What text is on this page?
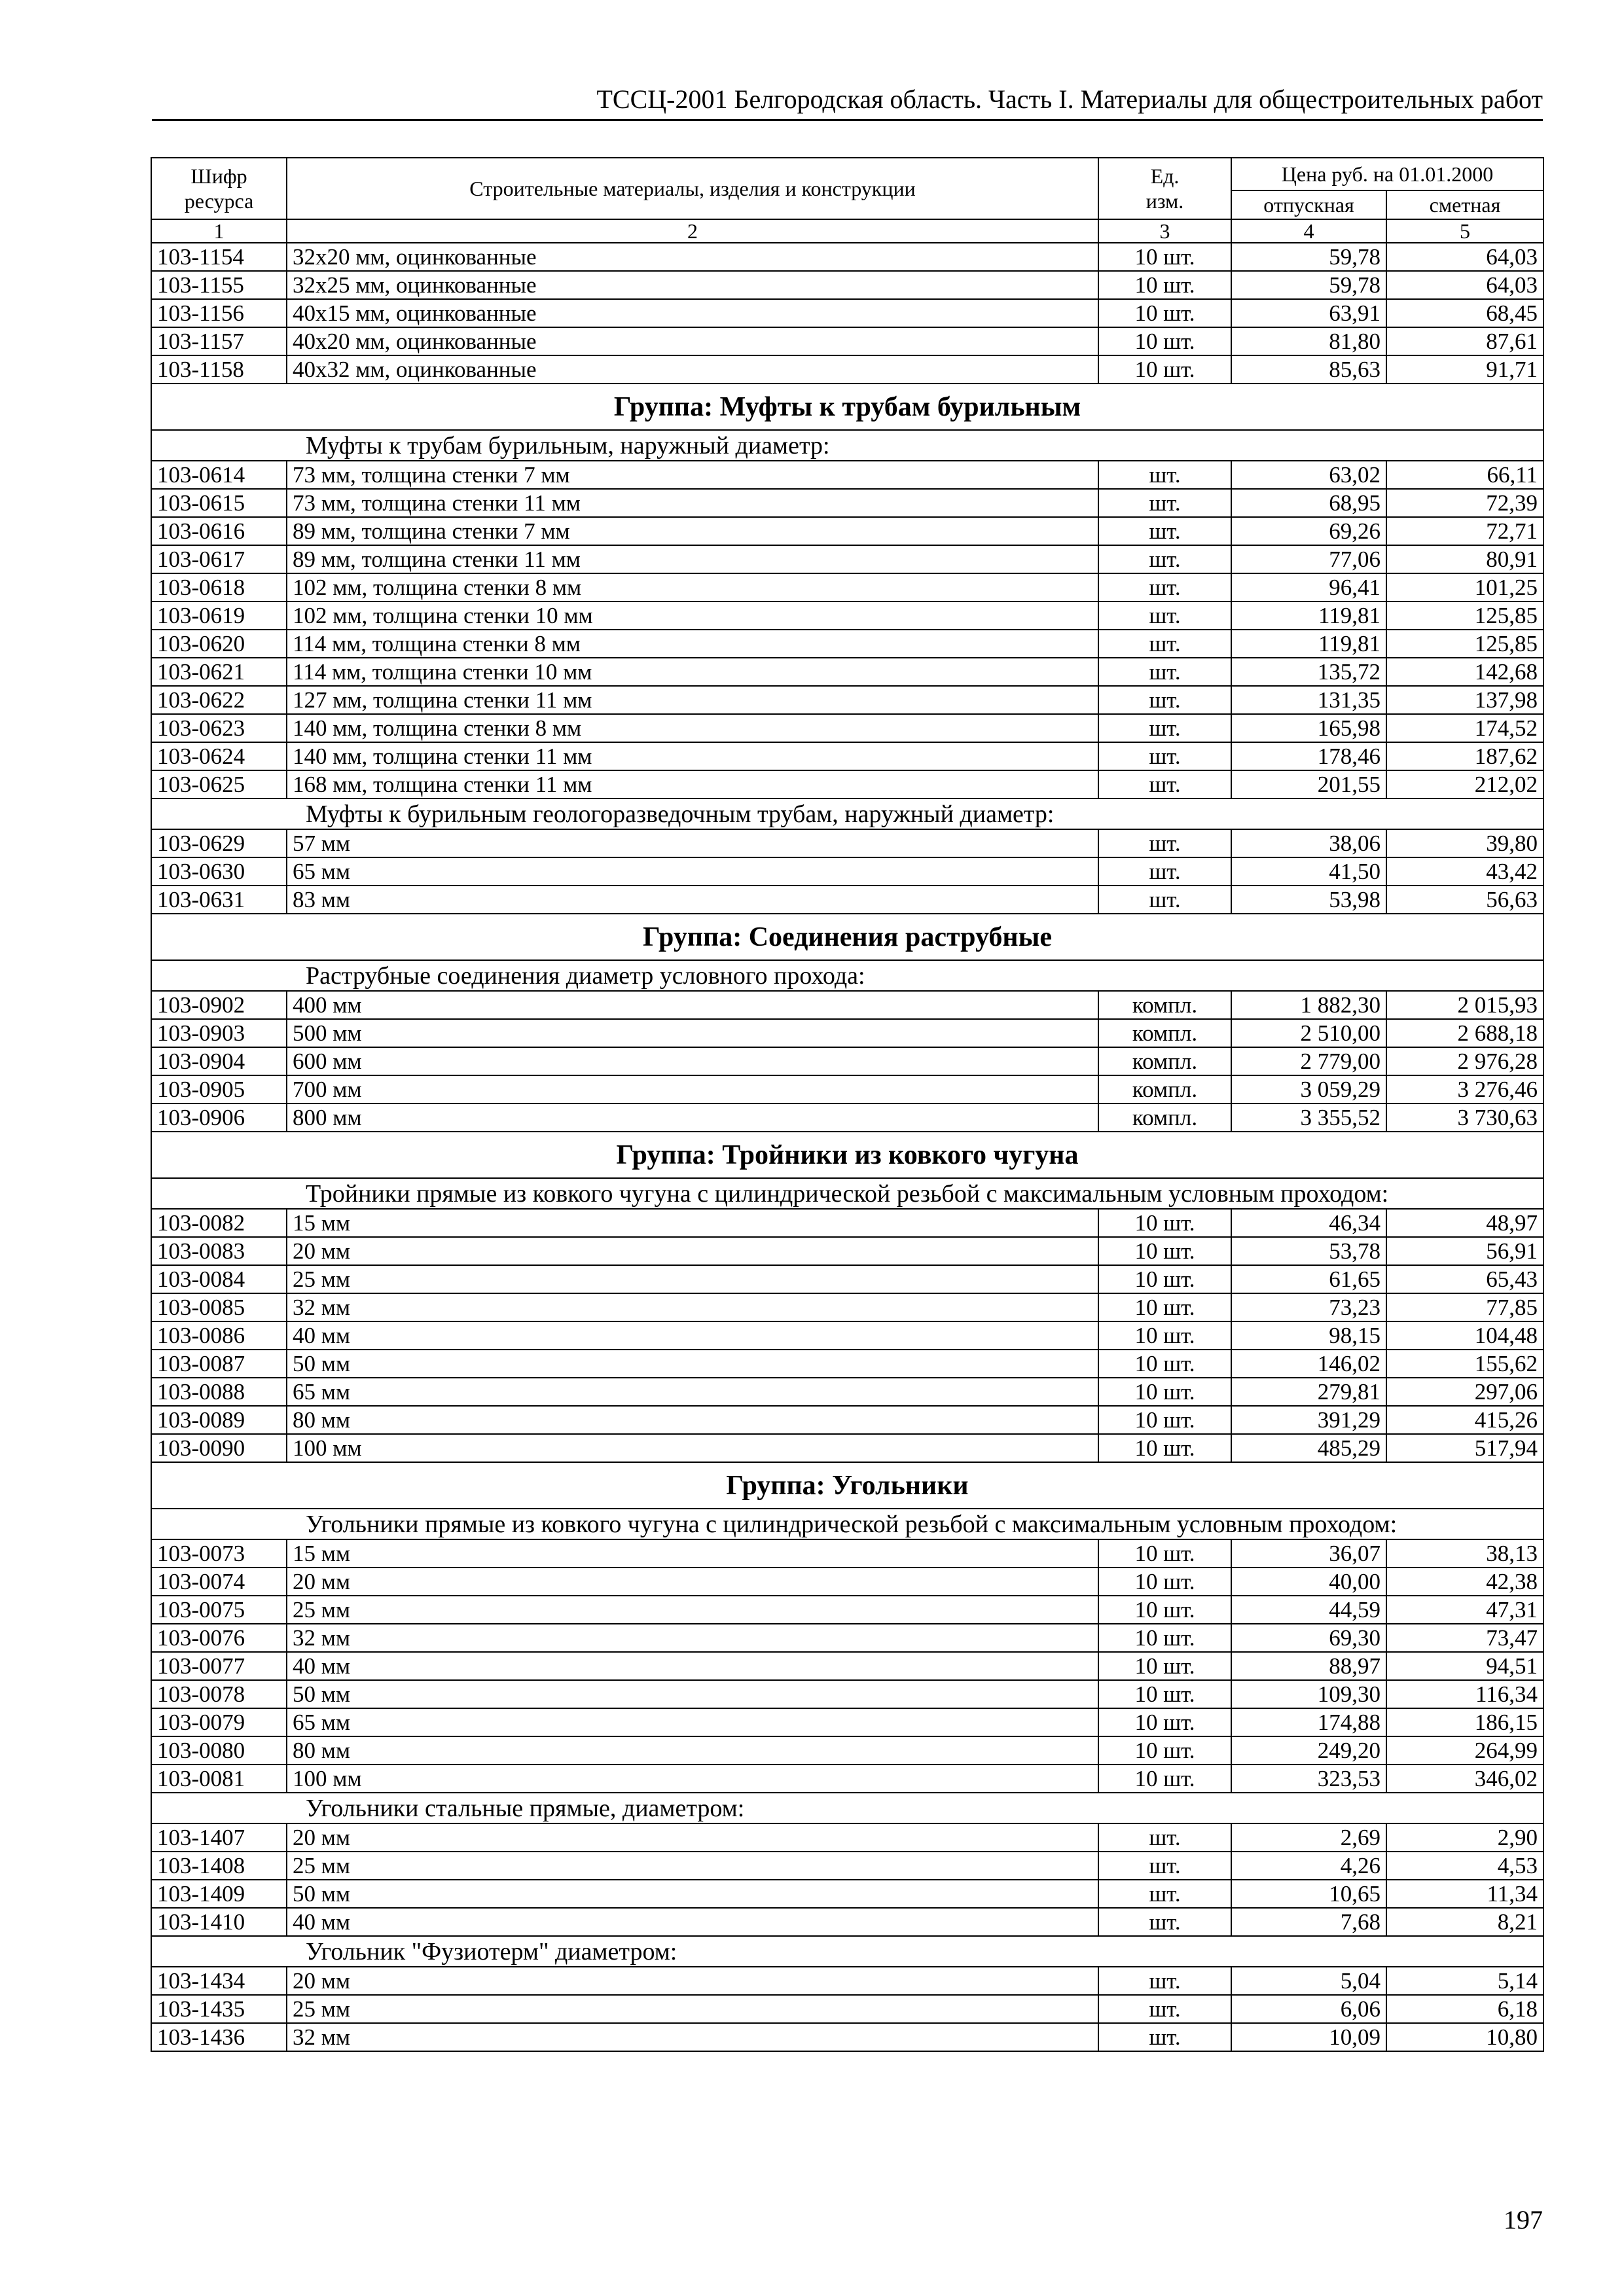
ТССЦ-2001 Белгородская область. Часть I. Материалы для общестроительных работ
Шифр ресурса	Строительные материалы, изделия и конструкции	Ед. изм.	Цена руб. на 01.01.2000	
			отпускная	сметная
1	2	3	4	5
103-1154	32x20 мм, оцинкованные	10 шт.	59,78	64,03
103-1155	32x25 мм, оцинкованные	10 шт.	59,78	64,03
103-1156	40x15 мм, оцинкованные	10 шт.	63,91	68,45
103-1157	40x20 мм, оцинкованные	10 шт.	81,80	87,61
103-1158	40x32 мм, оцинкованные	10 шт.	85,63	91,71
Группа: Муфты к трубам бурильным				
Муфты к трубам бурильным, наружный диаметр:				
103-0614	73 мм, толщина стенки 7 мм	шт.	63,02	66,11
103-0615	73 мм, толщина стенки 11 мм	шт.	68,95	72,39
103-0616	89 мм, толщина стенки 7 мм	шт.	69,26	72,71
103-0617	89 мм, толщина стенки 11 мм	шт.	77,06	80,91
103-0618	102 мм, толщина стенки 8 мм	шт.	96,41	101,25
103-0619	102 мм, толщина стенки 10 мм	шт.	119,81	125,85
103-0620	114 мм, толщина стенки 8 мм	шт.	119,81	125,85
103-0621	114 мм, толщина стенки 10 мм	шт.	135,72	142,68
103-0622	127 мм, толщина стенки 11 мм	шт.	131,35	137,98
103-0623	140 мм, толщина стенки 8 мм	шт.	165,98	174,52
103-0624	140 мм, толщина стенки 11 мм	шт.	178,46	187,62
103-0625	168 мм, толщина стенки 11 мм	шт.	201,55	212,02
Муфты к бурильным геологоразведочным трубам, наружный диаметр:				
103-0629	57 мм	шт.	38,06	39,80
103-0630	65 мм	шт.	41,50	43,42
103-0631	83 мм	шт.	53,98	56,63
Группа: Соединения раструбные				
Раструбные соединения диаметр условного прохода:				
103-0902	400 мм	компл.	1 882,30	2 015,93
103-0903	500 мм	компл.	2 510,00	2 688,18
103-0904	600 мм	компл.	2 779,00	2 976,28
103-0905	700 мм	компл.	3 059,29	3 276,46
103-0906	800 мм	компл.	3 355,52	3 730,63
Группа: Тройники из ковкого чугуна				
Тройники прямые из ковкого чугуна с цилиндрической резьбой с максимальным условным проходом:				
103-0082	15 мм	10 шт.	46,34	48,97
103-0083	20 мм	10 шт.	53,78	56,91
103-0084	25 мм	10 шт.	61,65	65,43
103-0085	32 мм	10 шт.	73,23	77,85
103-0086	40 мм	10 шт.	98,15	104,48
103-0087	50 мм	10 шт.	146,02	155,62
103-0088	65 мм	10 шт.	279,81	297,06
103-0089	80 мм	10 шт.	391,29	415,26
103-0090	100 мм	10 шт.	485,29	517,94
Группа: Угольники				
Угольники прямые из ковкого чугуна с цилиндрической резьбой с максимальным условным проходом:				
103-0073	15 мм	10 шт.	36,07	38,13
103-0074	20 мм	10 шт.	40,00	42,38
103-0075	25 мм	10 шт.	44,59	47,31
103-0076	32 мм	10 шт.	69,30	73,47
103-0077	40 мм	10 шт.	88,97	94,51
103-0078	50 мм	10 шт.	109,30	116,34
103-0079	65 мм	10 шт.	174,88	186,15
103-0080	80 мм	10 шт.	249,20	264,99
103-0081	100 мм	10 шт.	323,53	346,02
Угольники стальные прямые, диаметром:				
103-1407	20 мм	шт.	2,69	2,90
103-1408	25 мм	шт.	4,26	4,53
103-1409	50 мм	шт.	10,65	11,34
103-1410	40 мм	шт.	7,68	8,21
Угольник "Фузиотерм" диаметром:				
103-1434	20 мм	шт.	5,04	5,14
103-1435	25 мм	шт.	6,06	6,18
103-1436	32 мм	шт.	10,09	10,80
197
